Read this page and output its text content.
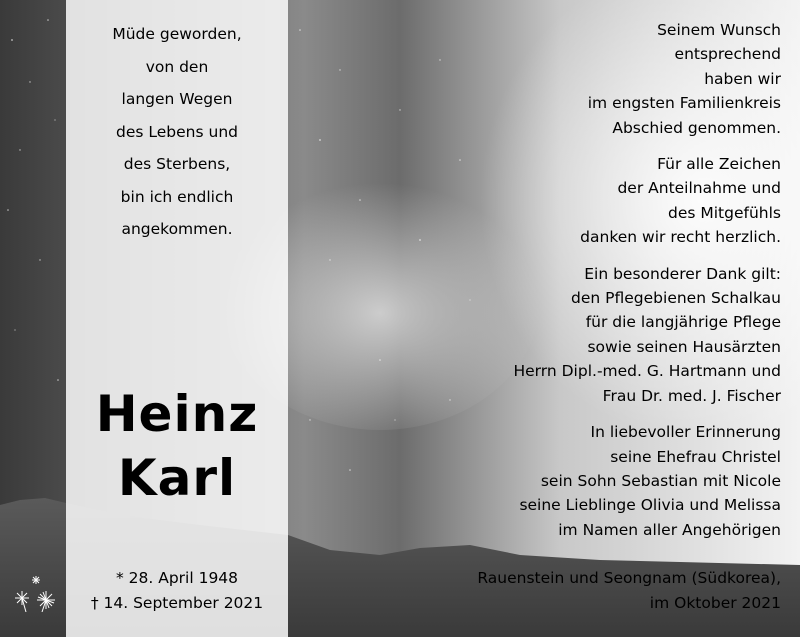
Müde geworden,
von den
langen Wegen
des Lebens und
des Sterbens,
bin ich endlich
angekommen.
Heinz
Karl
* 28. April 1948
† 14. September 2021
Seinem Wunsch
entsprechend
haben wir
im engsten Familienkreis
Abschied genommen.
Für alle Zeichen
der Anteilnahme und
des Mitgefühls
danken wir recht herzlich.
Ein besonderer Dank gilt:
den Pflegebienen Schalkau
für die langjährige Pflege
sowie seinen Hausärzten
Herrn Dipl.-med. G. Hartmann und
Frau Dr. med. J. Fischer
In liebevoller Erinnerung
seine Ehefrau Christel
sein Sohn Sebastian mit Nicole
seine Lieblinge Olivia und Melissa
im Namen aller Angehörigen
Rauenstein und Seongnam (Südkorea),
im Oktober 2021
